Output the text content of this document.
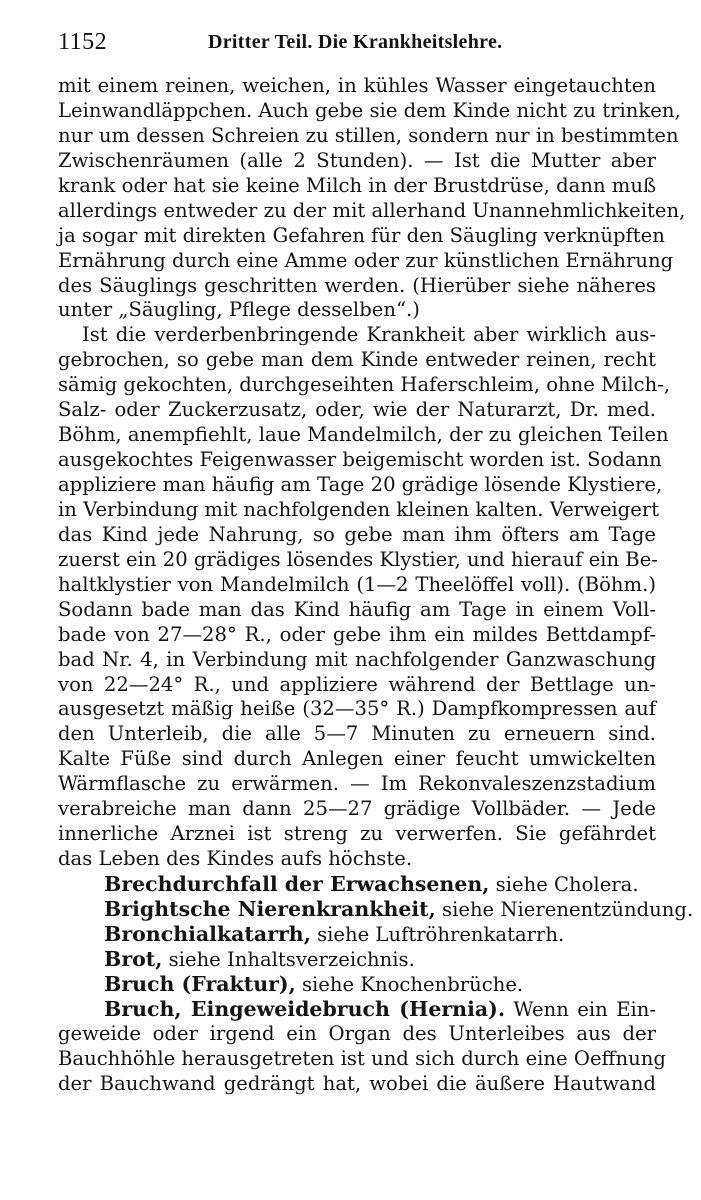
1152	Dritter Teil. Die Krankheitslehre.
mit einem reinen, weichen, in kühles Wasser eingetauchten
Leinwandläppchen. Auch gebe sie dem Kinde nicht zu trinken,
nur um dessen Schreien zu stillen, sondern nur in bestimmten
Zwischenräumen (alle 2 Stunden). — Ist die Mutter aber
krank oder hat sie keine Milch in der Brustdrüse, dann muß
allerdings entweder zu der mit allerhand Unannehmlichkeiten,
ja sogar mit direkten Gefahren für den Säugling verknüpften
Ernährung durch eine Amme oder zur künstlichen Ernährung
des Säuglings geschritten werden. (Hierüber siehe näheres
unter „Säugling, Pflege desselben“.)
Ist die verderbenbringende Krankheit aber wirklich aus-
gebrochen, so gebe man dem Kinde entweder reinen, recht
sämig gekochten, durchgeseihten Haferschleim, ohne Milch-,
Salz- oder Zuckerzusatz, oder, wie der Naturarzt, Dr. med.
Böhm, anempfiehlt, laue Mandelmilch, der zu gleichen Teilen
ausgekochtes Feigenwasser beigemischt worden ist. Sodann
appliziere man häufig am Tage 20 grädige lösende Klystiere,
in Verbindung mit nachfolgenden kleinen kalten. Verweigert
das Kind jede Nahrung, so gebe man ihm öfters am Tage
zuerst ein 20 grädiges lösendes Klystier, und hierauf ein Be-
haltklystier von Mandelmilch (1—2 Theelöffel voll). (Böhm.)
Sodann bade man das Kind häufig am Tage in einem Voll-
bade von 27—28° R., oder gebe ihm ein mildes Bettdampf-
bad Nr. 4, in Verbindung mit nachfolgender Ganzwaschung
von 22—24° R., und appliziere während der Bettlage un-
ausgesetzt mäßig heiße (32—35° R.) Dampfkompressen auf
den Unterleib, die alle 5—7 Minuten zu erneuern sind.
Kalte Füße sind durch Anlegen einer feucht umwickelten
Wärmflasche zu erwärmen. — Im Rekonvaleszenzstadium
verabreiche man dann 25—27 grädige Vollbäder. — Jede
innerliche Arznei ist streng zu verwerfen. Sie gefährdet
das Leben des Kindes aufs höchste.
Brechdurchfall der Erwachsenen, siehe Cholera.
Brightsche Nierenkrankheit, siehe Nierenentzündung.
Bronchialkatarrh, siehe Luftröhrenkatarrh.
Brot, siehe Inhaltsverzeichnis.
Bruch (Fraktur), siehe Knochenbrüche.
Bruch, Eingeweidebruch (Hernia). Wenn ein Ein-
geweide oder irgend ein Organ des Unterleibes aus der
Bauchhöhle herausgetreten ist und sich durch eine Oeffnung
der Bauchwand gedrängt hat, wobei die äußere Hautwand
